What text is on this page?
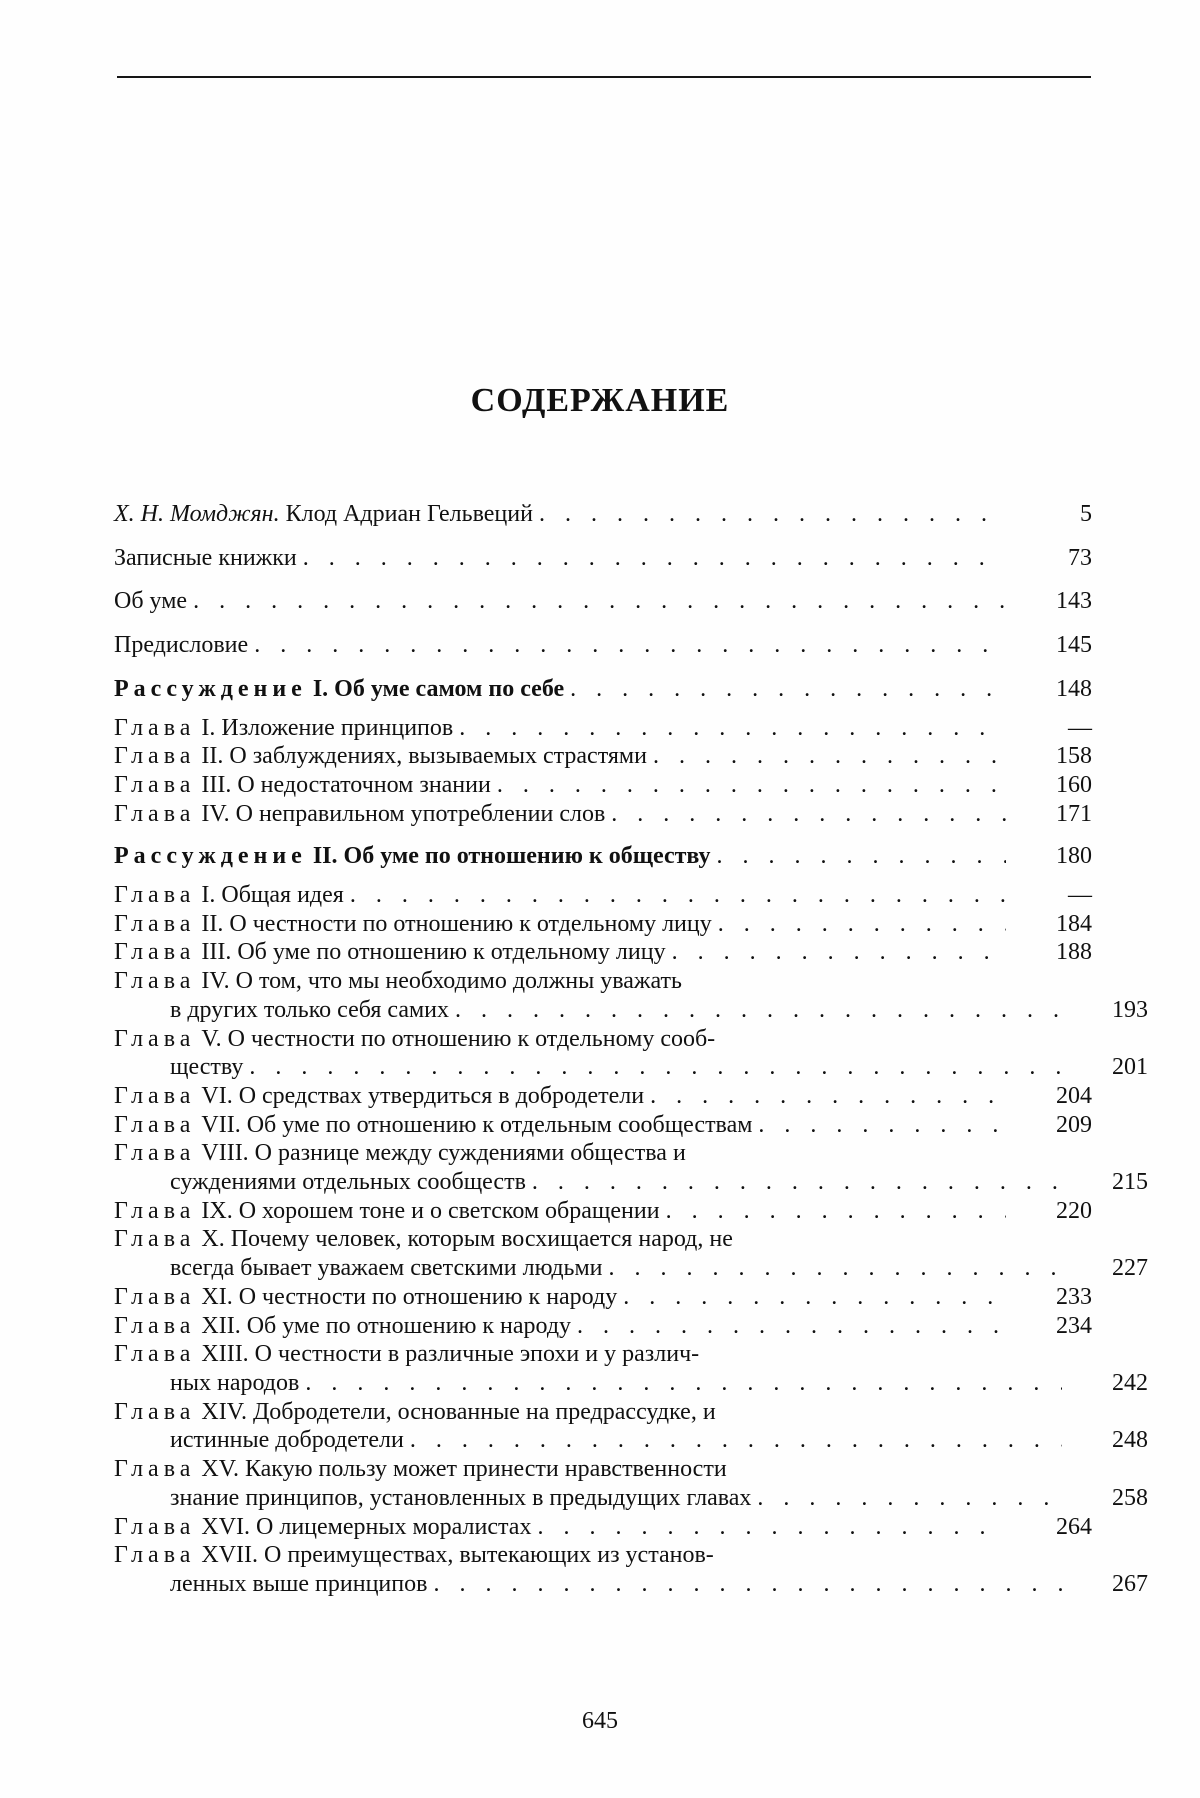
СОДЕРЖАНИЕ
Х. Н. Момджян. Клод Адриан Гельвеций . . .	5
Записные книжки . . .	73
Об уме . . .	143
Предисловие . . .	145
Рассуждение I. Об уме самом по себе . . .	148
Глава I. Изложение принципов . . .	—
Глава II. О заблуждениях, вызываемых страстями . . .	158
Глава III. О недостаточном знании . . .	160
Глава IV. О неправильном употреблении слов . . .	171
Рассуждение II. Об уме по отношению к обществу . . .	180
Глава I. Общая идея . . .	—
Глава II. О честности по отношению к отдельному лицу . . .	184
Глава III. Об уме по отношению к отдельному лицу . . .	188
Глава IV. О том, что мы необходимо должны уважать
в других только себя самих . . .	193
Глава V. О честности по отношению к отдельному сооб-
ществу . . .	201
Глава VI. О средствах утвердиться в добродетели . . .	204
Глава VII. Об уме по отношению к отдельным сообществам . . .	209
Глава VIII. О разнице между суждениями общества и
суждениями отдельных сообществ . . .	215
Глава IX. О хорошем тоне и о светском обращении . . .	220
Глава X. Почему человек, которым восхищается народ, не
всегда бывает уважаем светскими людьми . . .	227
Глава XI. О честности по отношению к народу . . .	233
Глава XII. Об уме по отношению к народу . . .	234
Глава XIII. О честности в различные эпохи и у различ-
ных народов . . .	242
Глава XIV. Добродетели, основанные на предрассудке, и
истинные добродетели . . .	248
Глава XV. Какую пользу может принести нравственности
знание принципов, установленных в предыдущих главах . . .	258
Глава XVI. О лицемерных моралистах . . .	264
Глава XVII. О преимуществах, вытекающих из установ-
ленных выше принципов . . .	267
645
